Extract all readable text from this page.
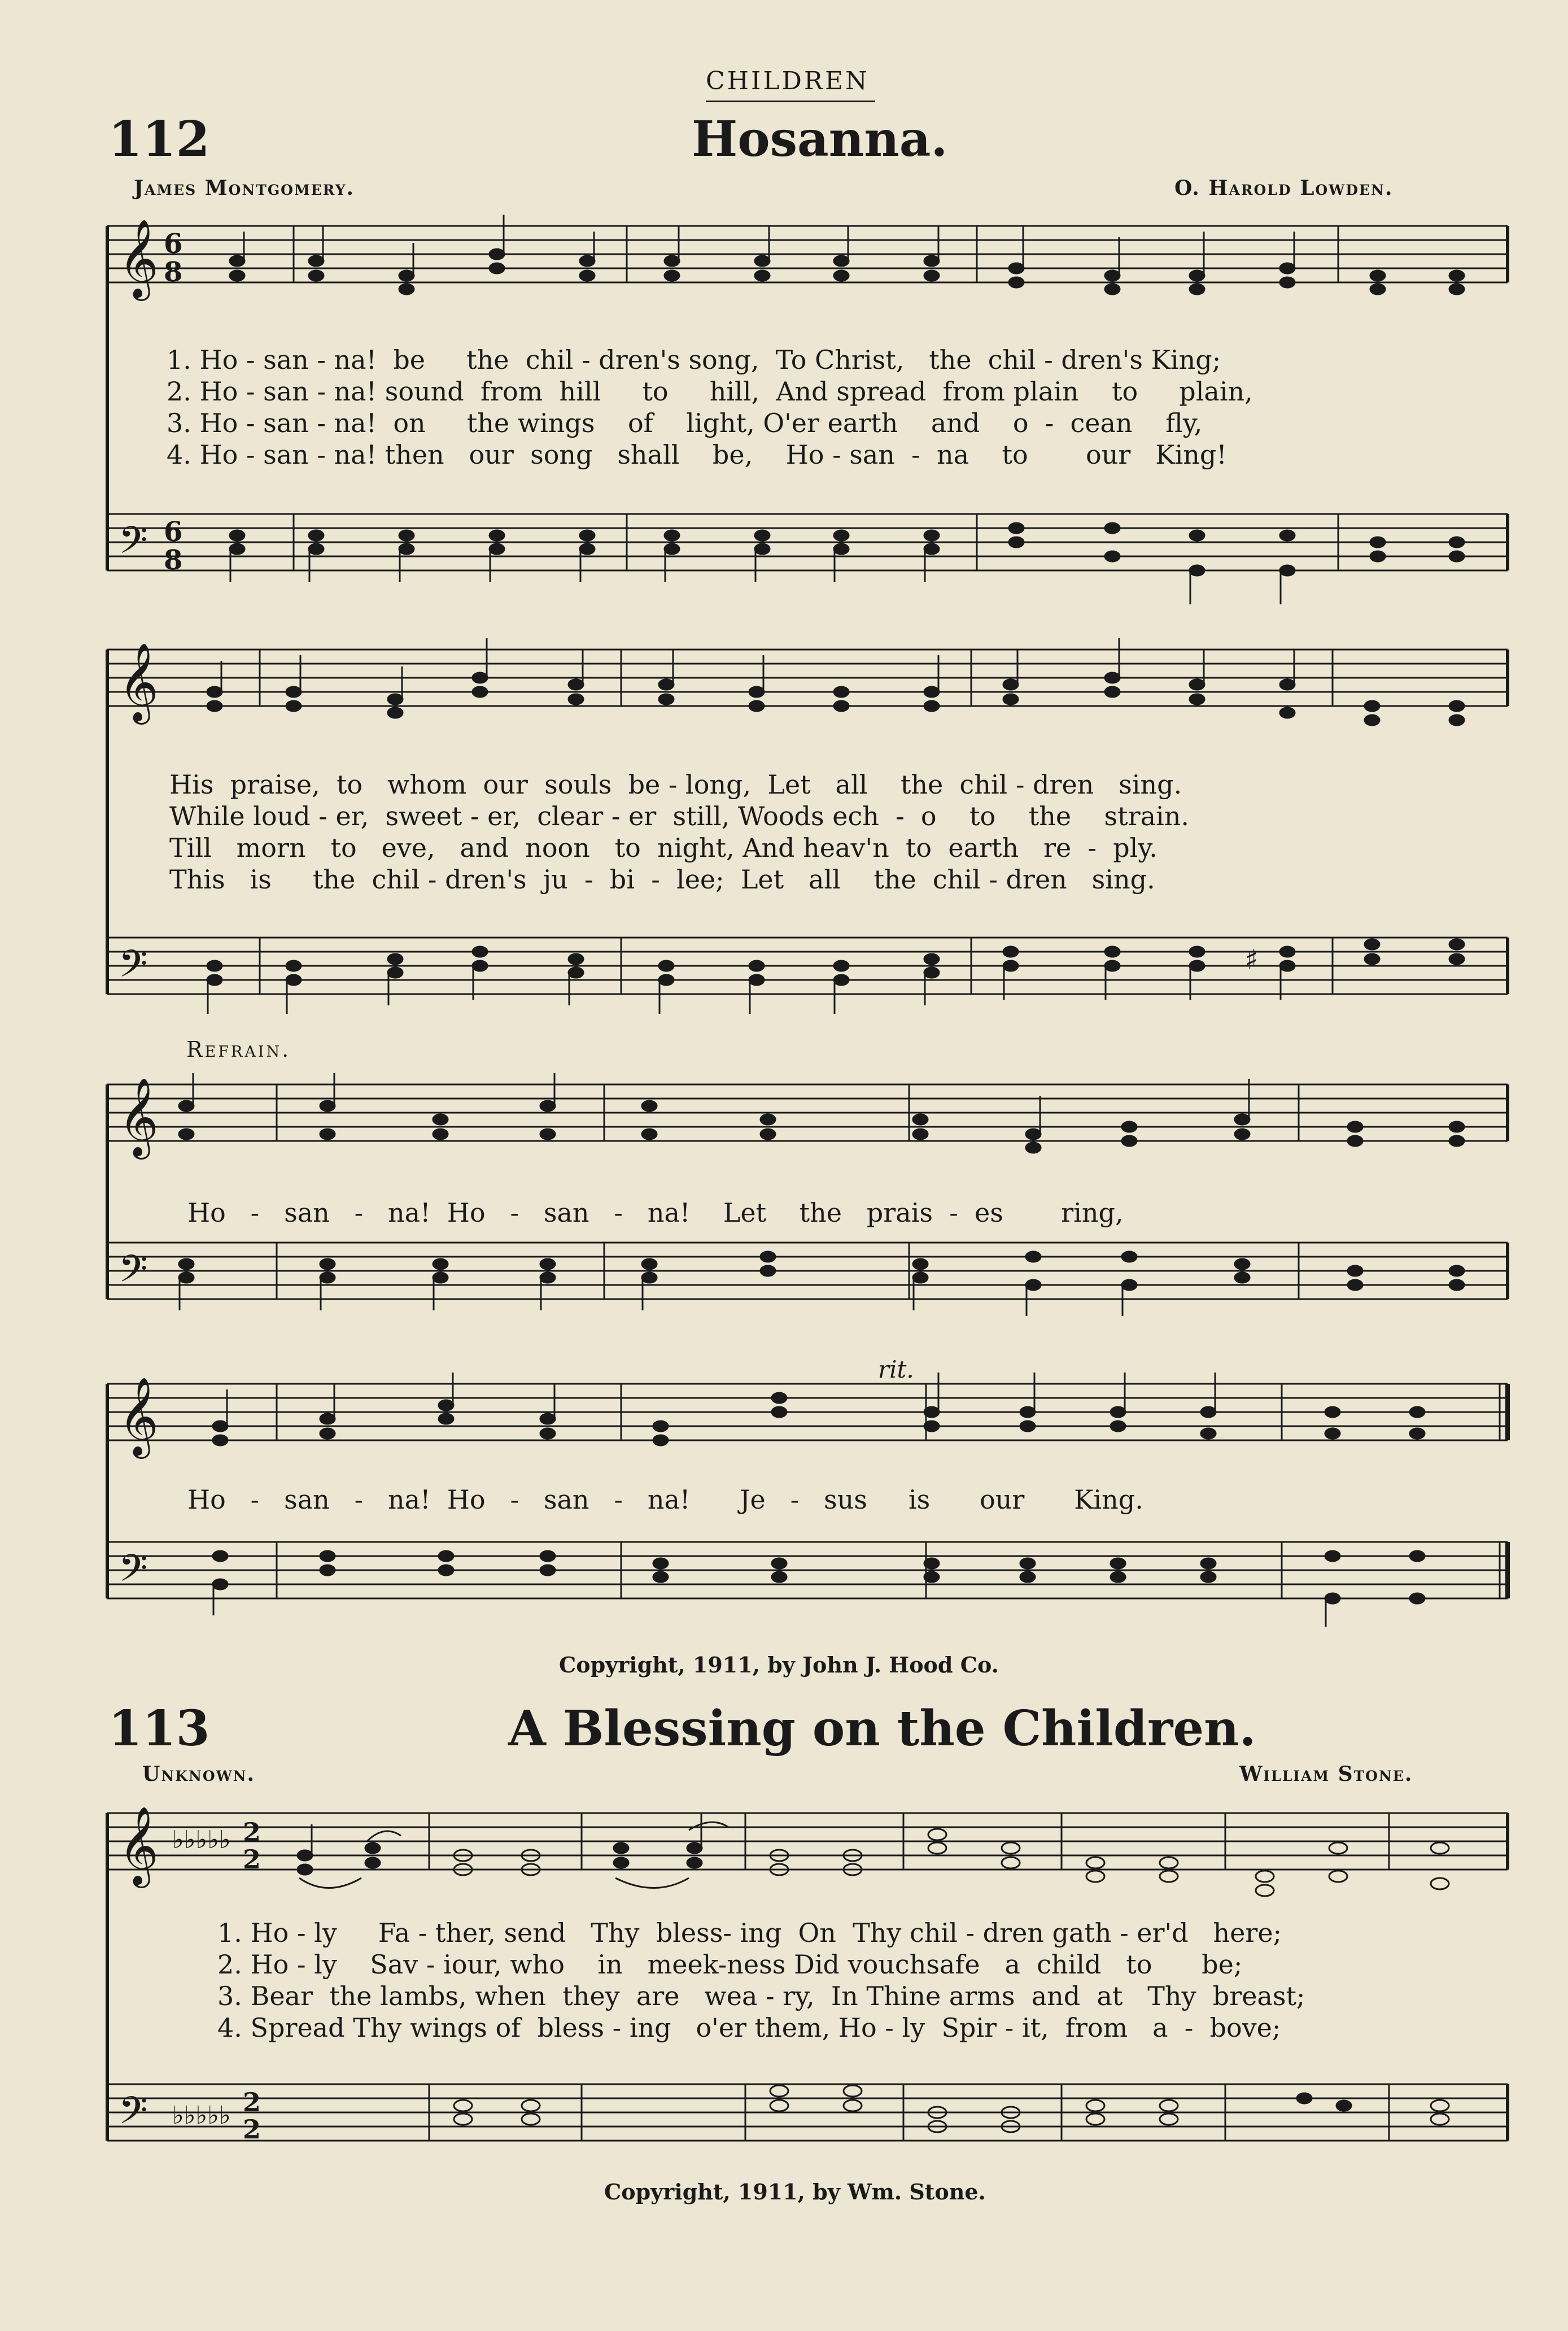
CHILDREN
112	Hosanna.
James Montgomery.	O. Harold Lowden.
𝄞 6
8
𝄢 6
8
1. Ho - san - na!  be     the  chil - dren's song,  To Christ,   the  chil - dren's King;
2. Ho - san - na! sound  from  hill     to     hill,  And spread  from plain    to     plain,
3. Ho - san - na!  on     the wings    of    light, O'er earth    and    o  -  cean    fly,
4. Ho - san - na! then   our  song   shall    be,    Ho - san  -  na    to       our   King!
𝄞
𝄢	♯
His  praise,  to   whom  our  souls  be - long,  Let   all    the  chil - dren   sing.
While loud - er,  sweet - er,  clear - er  still, Woods ech  -  o    to    the    strain.
Till   morn   to   eve,   and  noon   to  night, And heav'n  to  earth   re  -  ply.
This   is     the  chil - dren's  ju  -  bi  -  lee;  Let   all    the  chil - dren   sing.
Refrain.
𝄞
𝄢
Ho   -   san   -   na!  Ho   -   san   -   na!    Let    the   prais  -  es       ring,
rit.
𝄞
𝄢
Ho   -   san   -   na!  Ho   -   san   -   na!      Je   -   sus     is      our      King.
Copyright, 1911, by John J. Hood Co.
113	A Blessing on the Children.
Unknown.	William Stone.
𝄞 ♭♭♭♭♭ 2
2
𝄢 ♭♭♭♭♭ 2
2
1. Ho - ly     Fa - ther, send   Thy  bless- ing  On  Thy chil - dren gath - er'd   here;
2. Ho - ly    Sav - iour, who    in   meek-ness Did vouchsafe   a  child   to      be;
3. Bear  the lambs, when  they  are   wea - ry,  In Thine arms  and  at   Thy  breast;
4. Spread Thy wings of  bless - ing   o'er them, Ho - ly  Spir - it,  from   a  -  bove;
Copyright, 1911, by Wm. Stone.
